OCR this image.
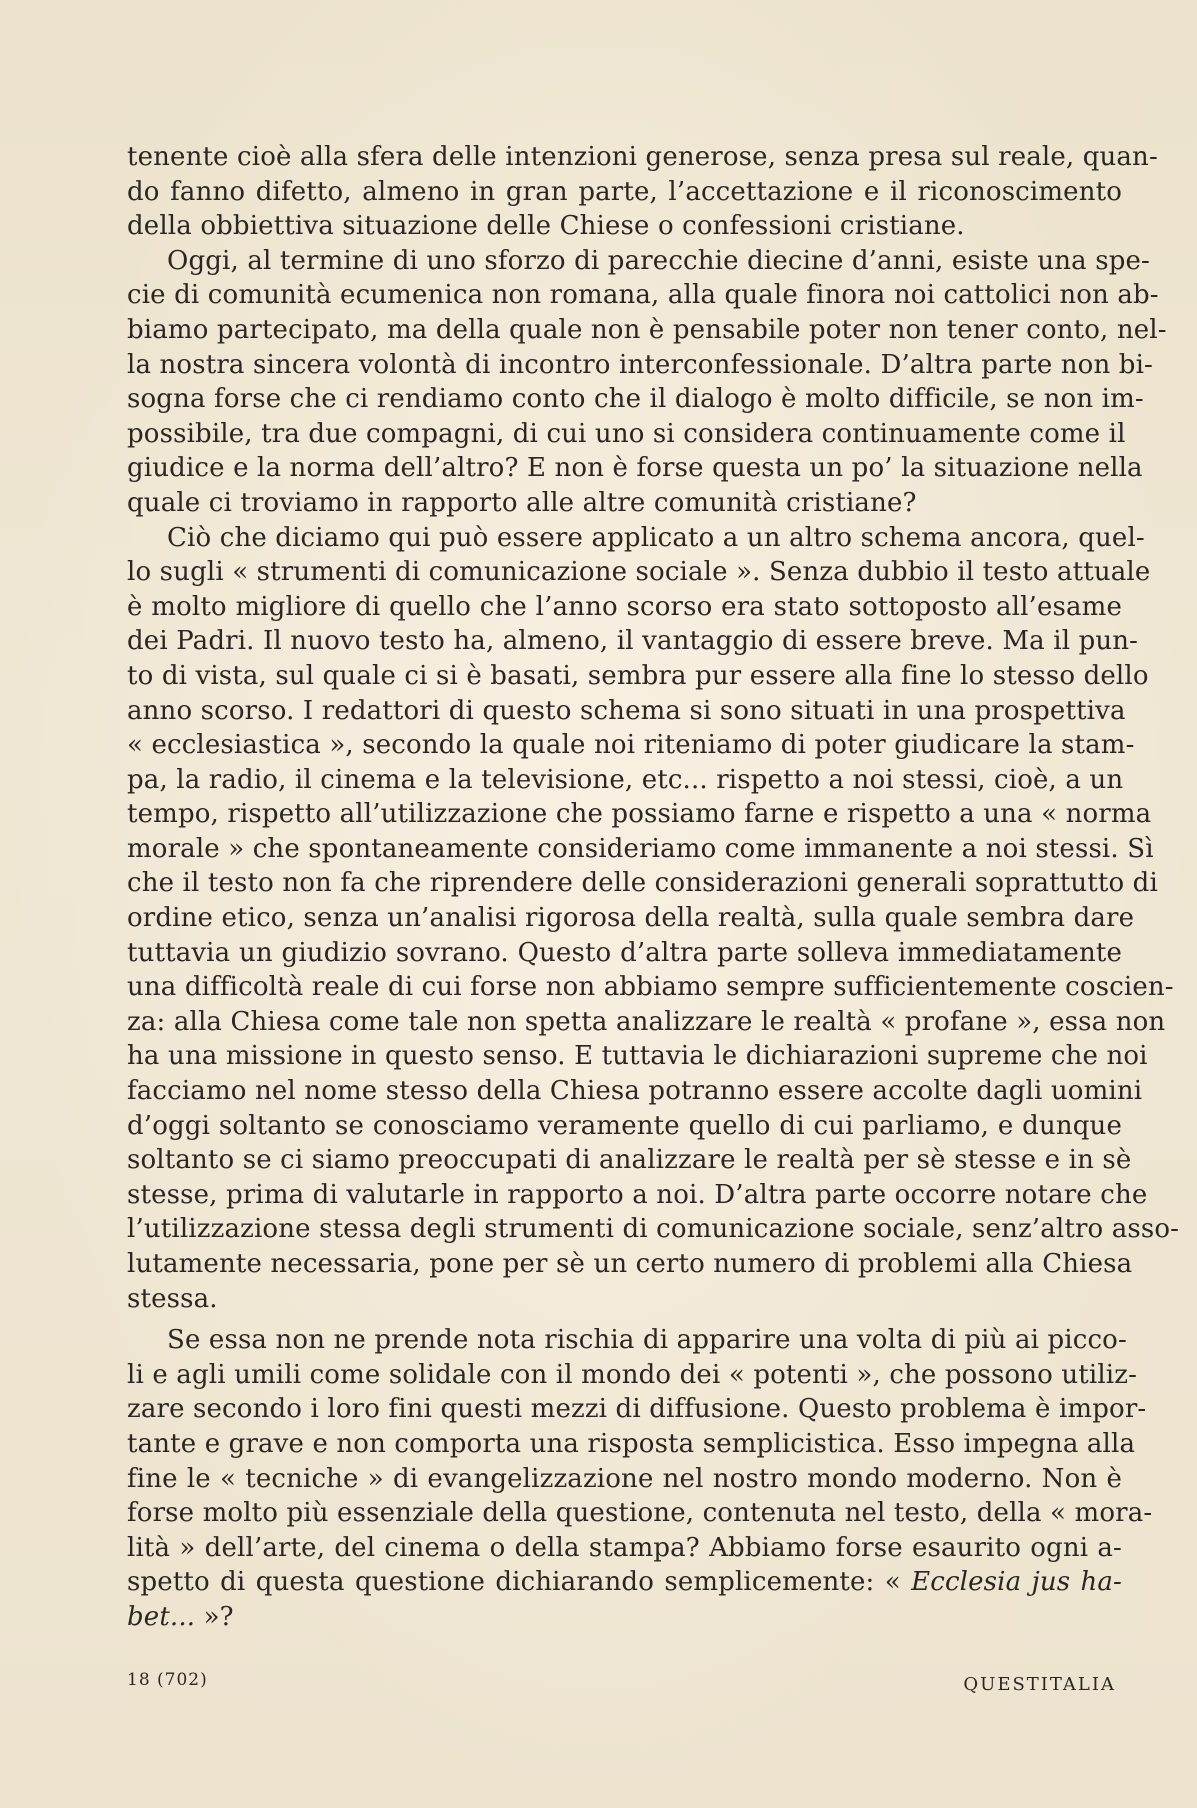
tenente cioè alla sfera delle intenzioni generose, senza presa sul reale, quan-
do fanno difetto, almeno in gran parte, l’accettazione e il riconoscimento
della obbiettiva situazione delle Chiese o confessioni cristiane.
Oggi, al termine di uno sforzo di parecchie diecine d’anni, esiste una spe-
cie di comunità ecumenica non romana, alla quale finora noi cattolici non ab-
biamo partecipato, ma della quale non è pensabile poter non tener conto, nel-
la nostra sincera volontà di incontro interconfessionale. D’altra parte non bi-
sogna forse che ci rendiamo conto che il dialogo è molto difficile, se non im-
possibile, tra due compagni, di cui uno si considera continuamente come il
giudice e la norma dell’altro? E non è forse questa un po’ la situazione nella
quale ci troviamo in rapporto alle altre comunità cristiane?
Ciò che diciamo qui può essere applicato a un altro schema ancora, quel-
lo sugli « strumenti di comunicazione sociale ». Senza dubbio il testo attuale
è molto migliore di quello che l’anno scorso era stato sottoposto all’esame
dei Padri. Il nuovo testo ha, almeno, il vantaggio di essere breve. Ma il pun-
to di vista, sul quale ci si è basati, sembra pur essere alla fine lo stesso dello
anno scorso. I redattori di questo schema si sono situati in una prospettiva
« ecclesiastica », secondo la quale noi riteniamo di poter giudicare la stam-
pa, la radio, il cinema e la televisione, etc... rispetto a noi stessi, cioè, a un
tempo, rispetto all’utilizzazione che possiamo farne e rispetto a una « norma
morale » che spontaneamente consideriamo come immanente a noi stessi. Sì
che il testo non fa che riprendere delle considerazioni generali soprattutto di
ordine etico, senza un’analisi rigorosa della realtà, sulla quale sembra dare
tuttavia un giudizio sovrano. Questo d’altra parte solleva immediatamente
una difficoltà reale di cui forse non abbiamo sempre sufficientemente coscien-
za: alla Chiesa come tale non spetta analizzare le realtà « profane », essa non
ha una missione in questo senso. E tuttavia le dichiarazioni supreme che noi
facciamo nel nome stesso della Chiesa potranno essere accolte dagli uomini
d’oggi soltanto se conosciamo veramente quello di cui parliamo, e dunque
soltanto se ci siamo preoccupati di analizzare le realtà per sè stesse e in sè
stesse, prima di valutarle in rapporto a noi. D’altra parte occorre notare che
l’utilizzazione stessa degli strumenti di comunicazione sociale, senz’altro asso-
lutamente necessaria, pone per sè un certo numero di problemi alla Chiesa
stessa.
Se essa non ne prende nota rischia di apparire una volta di più ai picco-
li e agli umili come solidale con il mondo dei « potenti », che possono utiliz-
zare secondo i loro fini questi mezzi di diffusione. Questo problema è impor-
tante e grave e non comporta una risposta semplicistica. Esso impegna alla
fine le « tecniche » di evangelizzazione nel nostro mondo moderno. Non è
forse molto più essenziale della questione, contenuta nel testo, della « mora-
lità » dell’arte, del cinema o della stampa? Abbiamo forse esaurito ogni a-
spetto di questa questione dichiarando semplicemente: « Ecclesia jus ha-
bet... »?
18 (702)	QUESTITALIA
